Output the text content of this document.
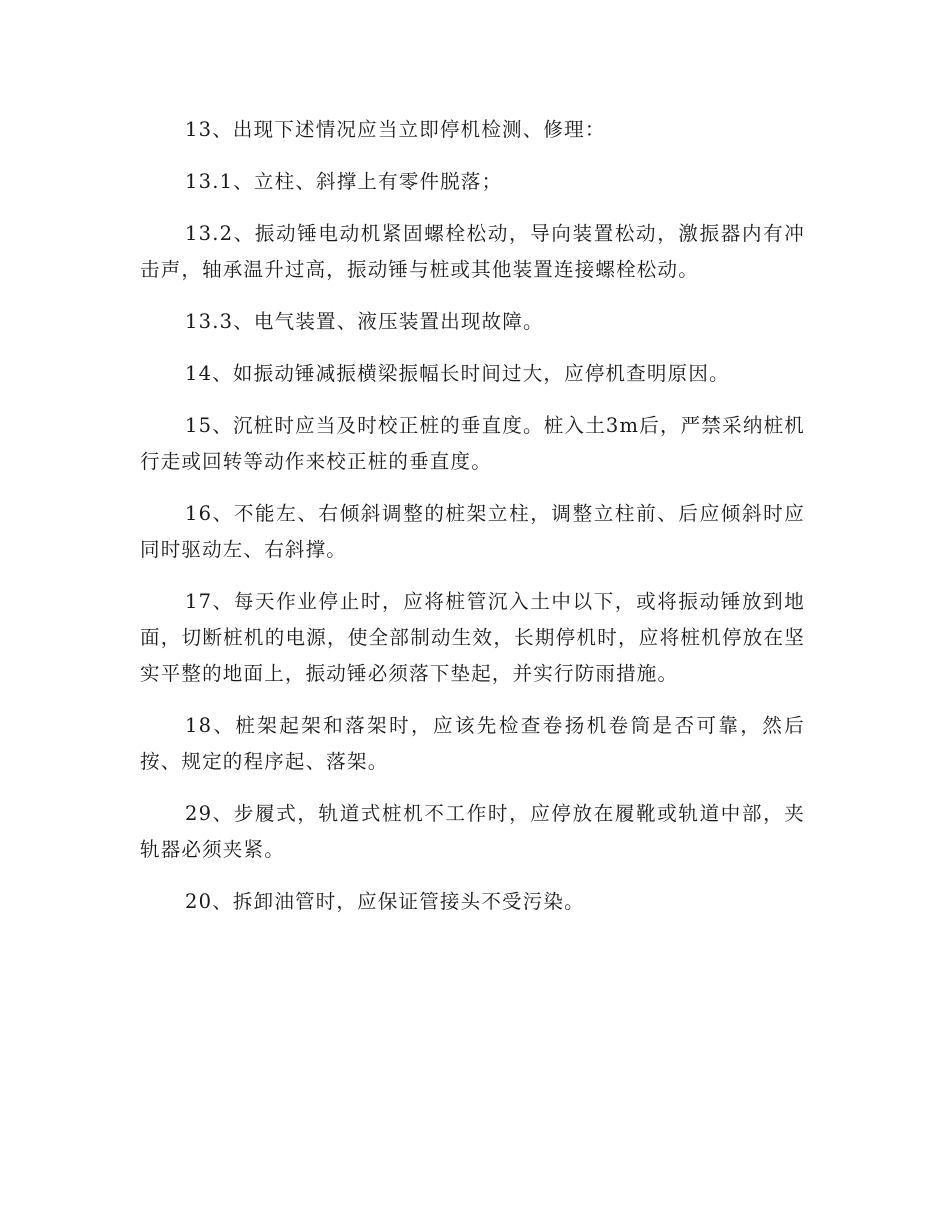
13、出现下述情况应当立即停机检测、修理：

13.1、立柱、斜撑上有零件脱落；

13.2、振动锤电动机紧固螺栓松动，导向装置松动，激振器内有冲击声，轴承温升过高，振动锤与桩或其他装置连接螺栓松动。

13.3、电气装置、液压装置出现故障。

14、如振动锤减振横梁振幅长时间过大，应停机查明原因。

15、沉桩时应当及时校正桩的垂直度。桩入土3m后，严禁采纳桩机行走或回转等动作来校正桩的垂直度。

16、不能左、右倾斜调整的桩架立柱，调整立柱前、后应倾斜时应同时驱动左、右斜撑。

17、每天作业停止时，应将桩管沉入土中以下，或将振动锤放到地面，切断桩机的电源，使全部制动生效，长期停机时，应将桩机停放在坚实平整的地面上，振动锤必须落下垫起，并实行防雨措施。

18、桩架起架和落架时，应该先检查卷扬机卷筒是否可靠，然后按、规定的程序起、落架。

29、步履式，轨道式桩机不工作时，应停放在履靴或轨道中部，夹轨器必须夹紧。

20、拆卸油管时，应保证管接头不受污染。
